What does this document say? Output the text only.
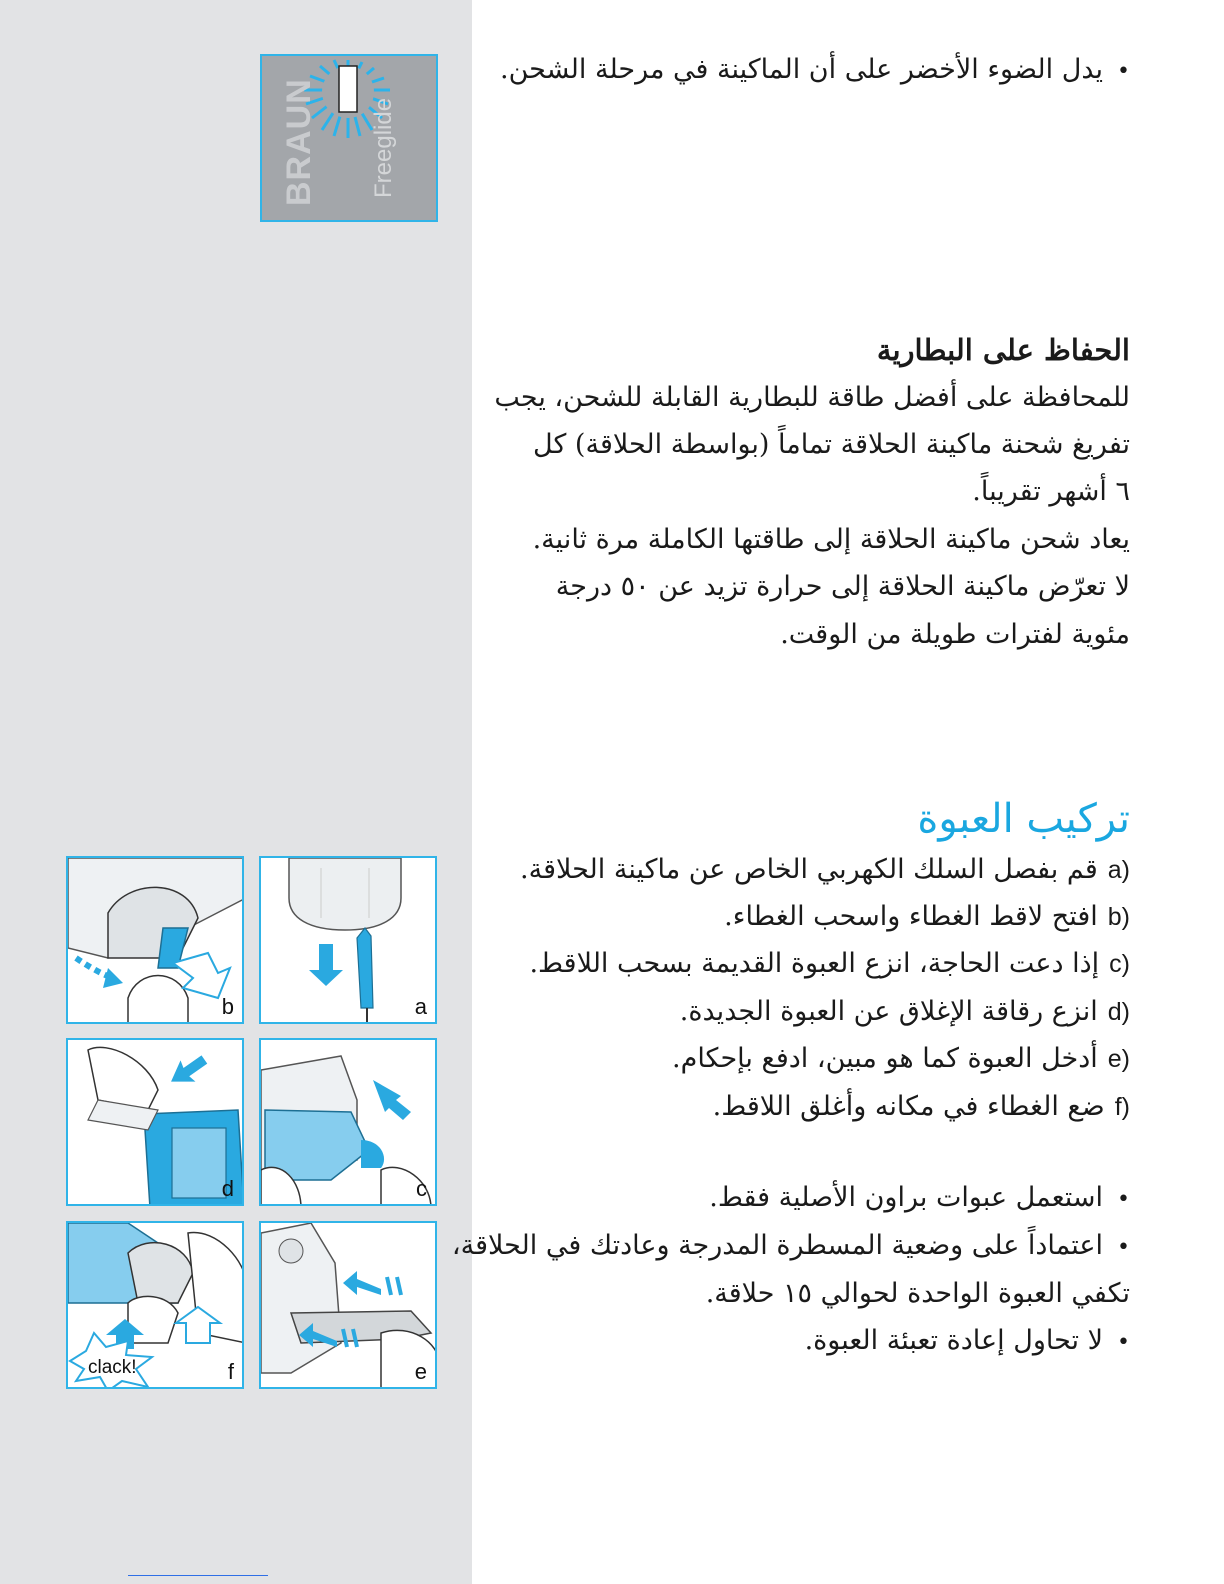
BRAUN Freeglide
b	a
d	c
clack!	f	e
• يدل الضوء الأخضر على أن الماكينة في مرحلة الشحن.
الحفاظ على البطارية
للمحافظة على أفضل طاقة للبطارية القابلة للشحن، يجب
تفريغ شحنة ماكينة الحلاقة تماماً (بواسطة الحلاقة) كل
٦ أشهر تقريباً.
يعاد شحن ماكينة الحلاقة إلى طاقتها الكاملة مرة ثانية.
لا تعرّض ماكينة الحلاقة إلى حرارة تزيد عن ٥٠ درجة
مئوية لفترات طويلة من الوقت.
تركيب العبوة
a)قم بفصل السلك الكهربي الخاص عن ماكينة الحلاقة.
b)افتح لاقط الغطاء واسحب الغطاء.
c)إذا دعت الحاجة، انزع العبوة القديمة بسحب اللاقط.
d)انزع رقاقة الإغلاق عن العبوة الجديدة.
e)أدخل العبوة كما هو مبين، ادفع بإحكام.
f)ضع الغطاء في مكانه وأغلق اللاقط.
• استعمل عبوات براون الأصلية فقط.
• اعتماداً على وضعية المسطرة المدرجة وعادتك في الحلاقة،
تكفي العبوة الواحدة لحوالي ١٥ حلاقة.
• لا تحاول إعادة تعبئة العبوة.
